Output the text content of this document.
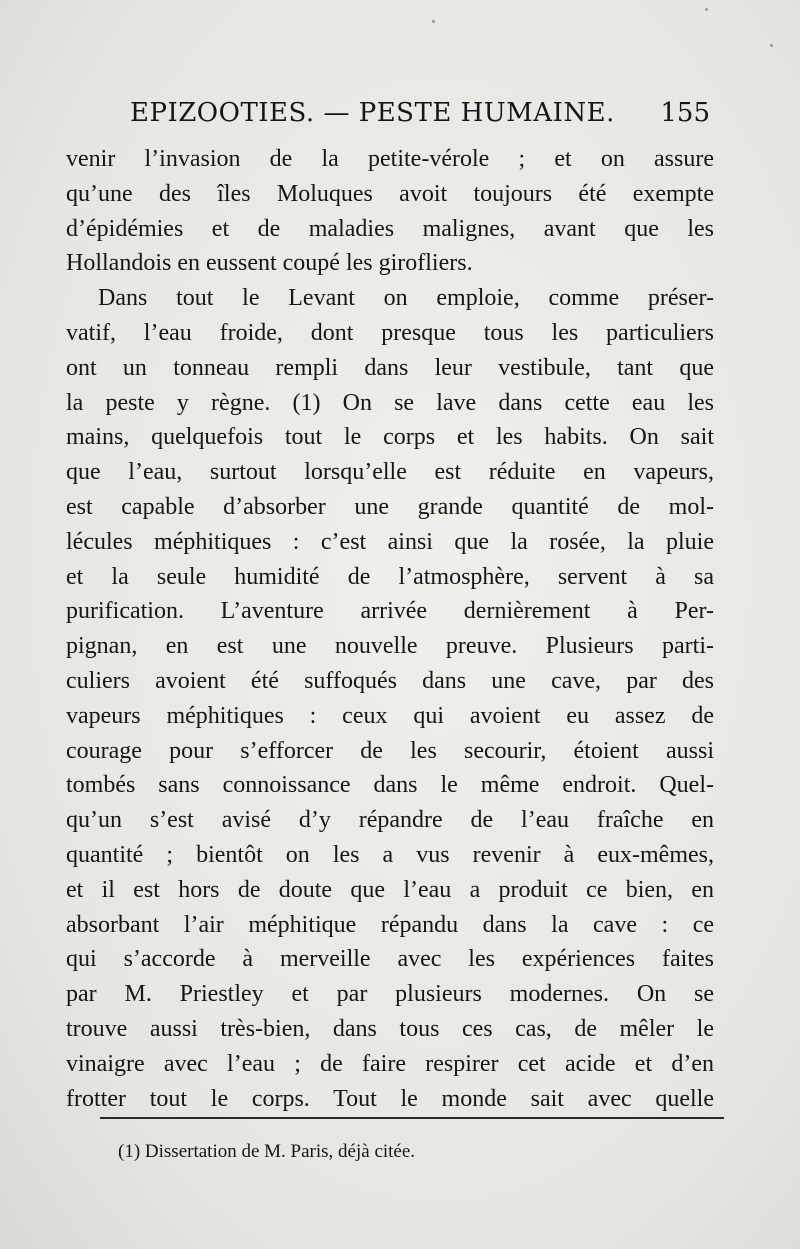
EPIZOOTIES. — PESTE HUMAINE. 155
venir l’invasion de la petite-vérole ; et on assure
qu’une des îles Moluques avoit toujours été exempte
d’épidémies et de maladies malignes, avant que les
Hollandois en eussent coupé les girofliers.
Dans tout le Levant on emploie, comme préser-
vatif, l’eau froide, dont presque tous les particuliers
ont un tonneau rempli dans leur vestibule, tant que
la peste y règne. (1) On se lave dans cette eau les
mains, quelquefois tout le corps et les habits. On sait
que l’eau, surtout lorsqu’elle est réduite en vapeurs,
est capable d’absorber une grande quantité de mol-
lécules méphitiques : c’est ainsi que la rosée, la pluie
et la seule humidité de l’atmosphère, servent à sa
purification. L’aventure arrivée dernièrement à Per-
pignan, en est une nouvelle preuve. Plusieurs parti-
culiers avoient été suffoqués dans une cave, par des
vapeurs méphitiques : ceux qui avoient eu assez de
courage pour s’efforcer de les secourir, étoient aussi
tombés sans connoissance dans le même endroit. Quel-
qu’un s’est avisé d’y répandre de l’eau fraîche en
quantité ; bientôt on les a vus revenir à eux-mêmes,
et il est hors de doute que l’eau a produit ce bien, en
absorbant l’air méphitique répandu dans la cave : ce
qui s’accorde à merveille avec les expériences faites
par M. Priestley et par plusieurs modernes. On se
trouve aussi très-bien, dans tous ces cas, de mêler le
vinaigre avec l’eau ; de faire respirer cet acide et d’en
frotter tout le corps. Tout le monde sait avec quelle
(1) Dissertation de M. Paris, déjà citée.
